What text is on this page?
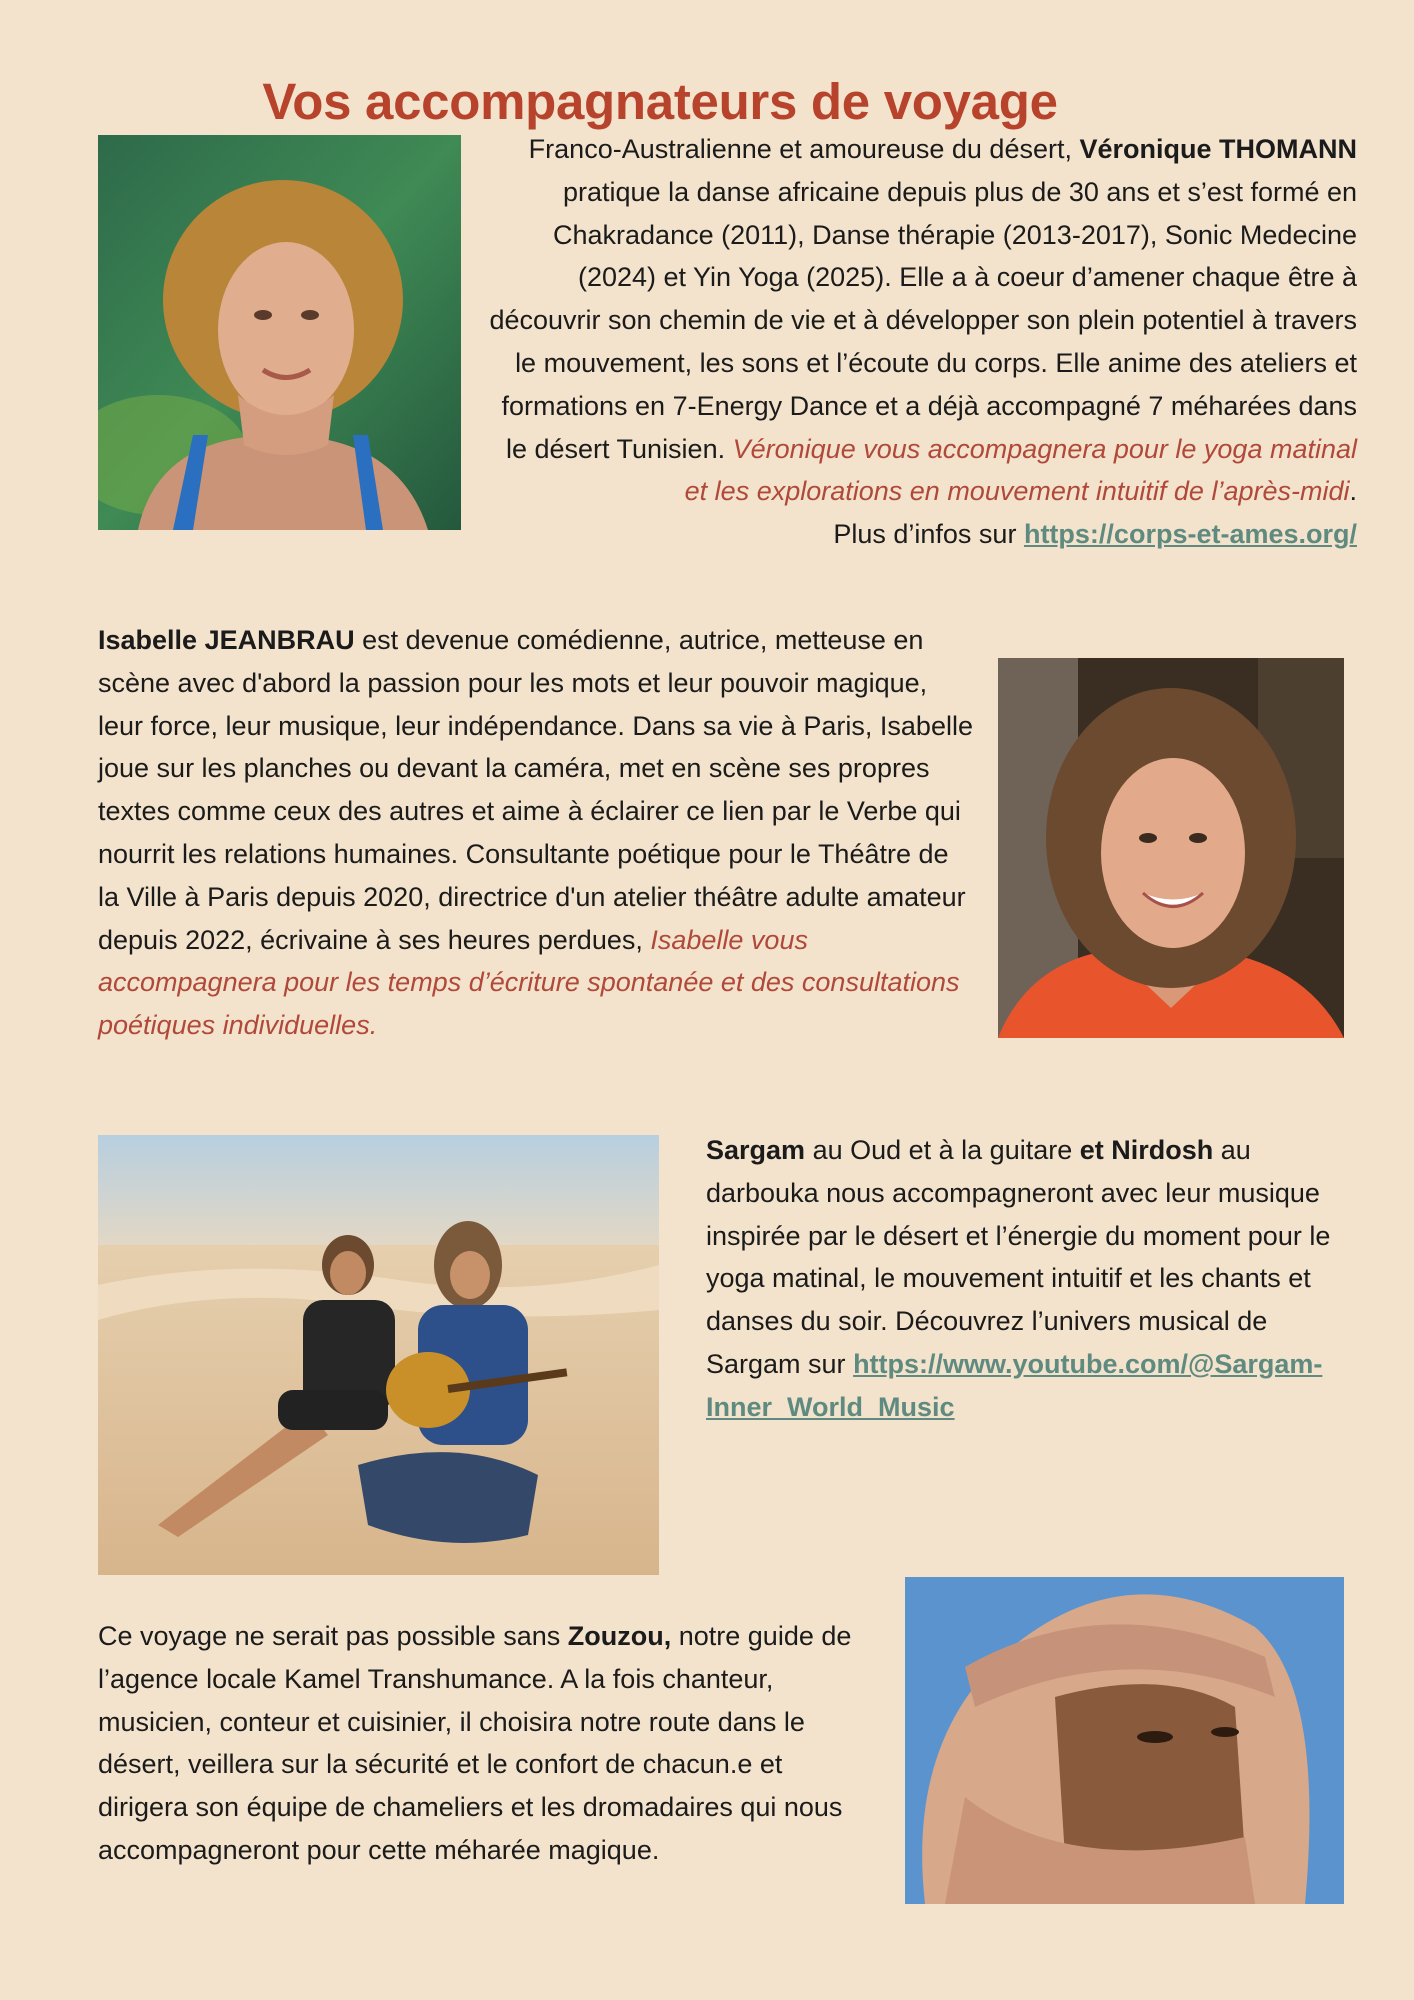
Vos accompagnateurs de voyage

Franco-Australienne et amoureuse du désert, Véronique THOMANN pratique la danse africaine depuis plus de 30 ans et s’est formé en Chakradance (2011), Danse thérapie (2013-2017), Sonic Medecine (2024) et Yin Yoga (2025). Elle a à coeur d’amener chaque être à découvrir son chemin de vie et à développer son plein potentiel à travers le mouvement, les sons et l’écoute du corps. Elle anime des ateliers et formations en 7-Energy Dance et a déjà accompagné 7 méharées dans le désert Tunisien. Véronique vous accompagnera pour le yoga matinal et les explorations en mouvement intuitif de l’après-midi.
Plus d’infos sur https://corps-et-ames.org/

Isabelle JEANBRAU est devenue comédienne, autrice, metteuse en scène avec d'abord la passion pour les mots et leur pouvoir magique, leur force, leur musique, leur indépendance. Dans sa vie à Paris, Isabelle joue sur les planches ou devant la caméra, met en scène ses propres textes comme ceux des autres et aime à éclairer ce lien par le Verbe qui nourrit les relations humaines. Consultante poétique pour le Théâtre de la Ville à Paris depuis 2020, directrice d'un atelier théâtre adulte amateur depuis 2022, écrivaine à ses heures perdues, Isabelle vous accompagnera pour les temps d’écriture spontanée et des consultations poétiques individuelles.

Sargam au Oud et à la guitare et Nirdosh au darbouka nous accompagneront avec leur musique inspirée par le désert et l’énergie du moment pour le yoga matinal, le mouvement intuitif et les chants et danses du soir. Découvrez l’univers musical de Sargam sur https://www.youtube.com/@Sargam-Inner_World_Music

Ce voyage ne serait pas possible sans Zouzou, notre guide de l’agence locale Kamel Transhumance. A la fois chanteur, musicien, conteur et cuisinier, il choisira notre route dans le désert, veillera sur la sécurité et le confort de chacun.e et dirigera son équipe de chameliers et les dromadaires qui nous accompagneront pour cette méharée magique.
